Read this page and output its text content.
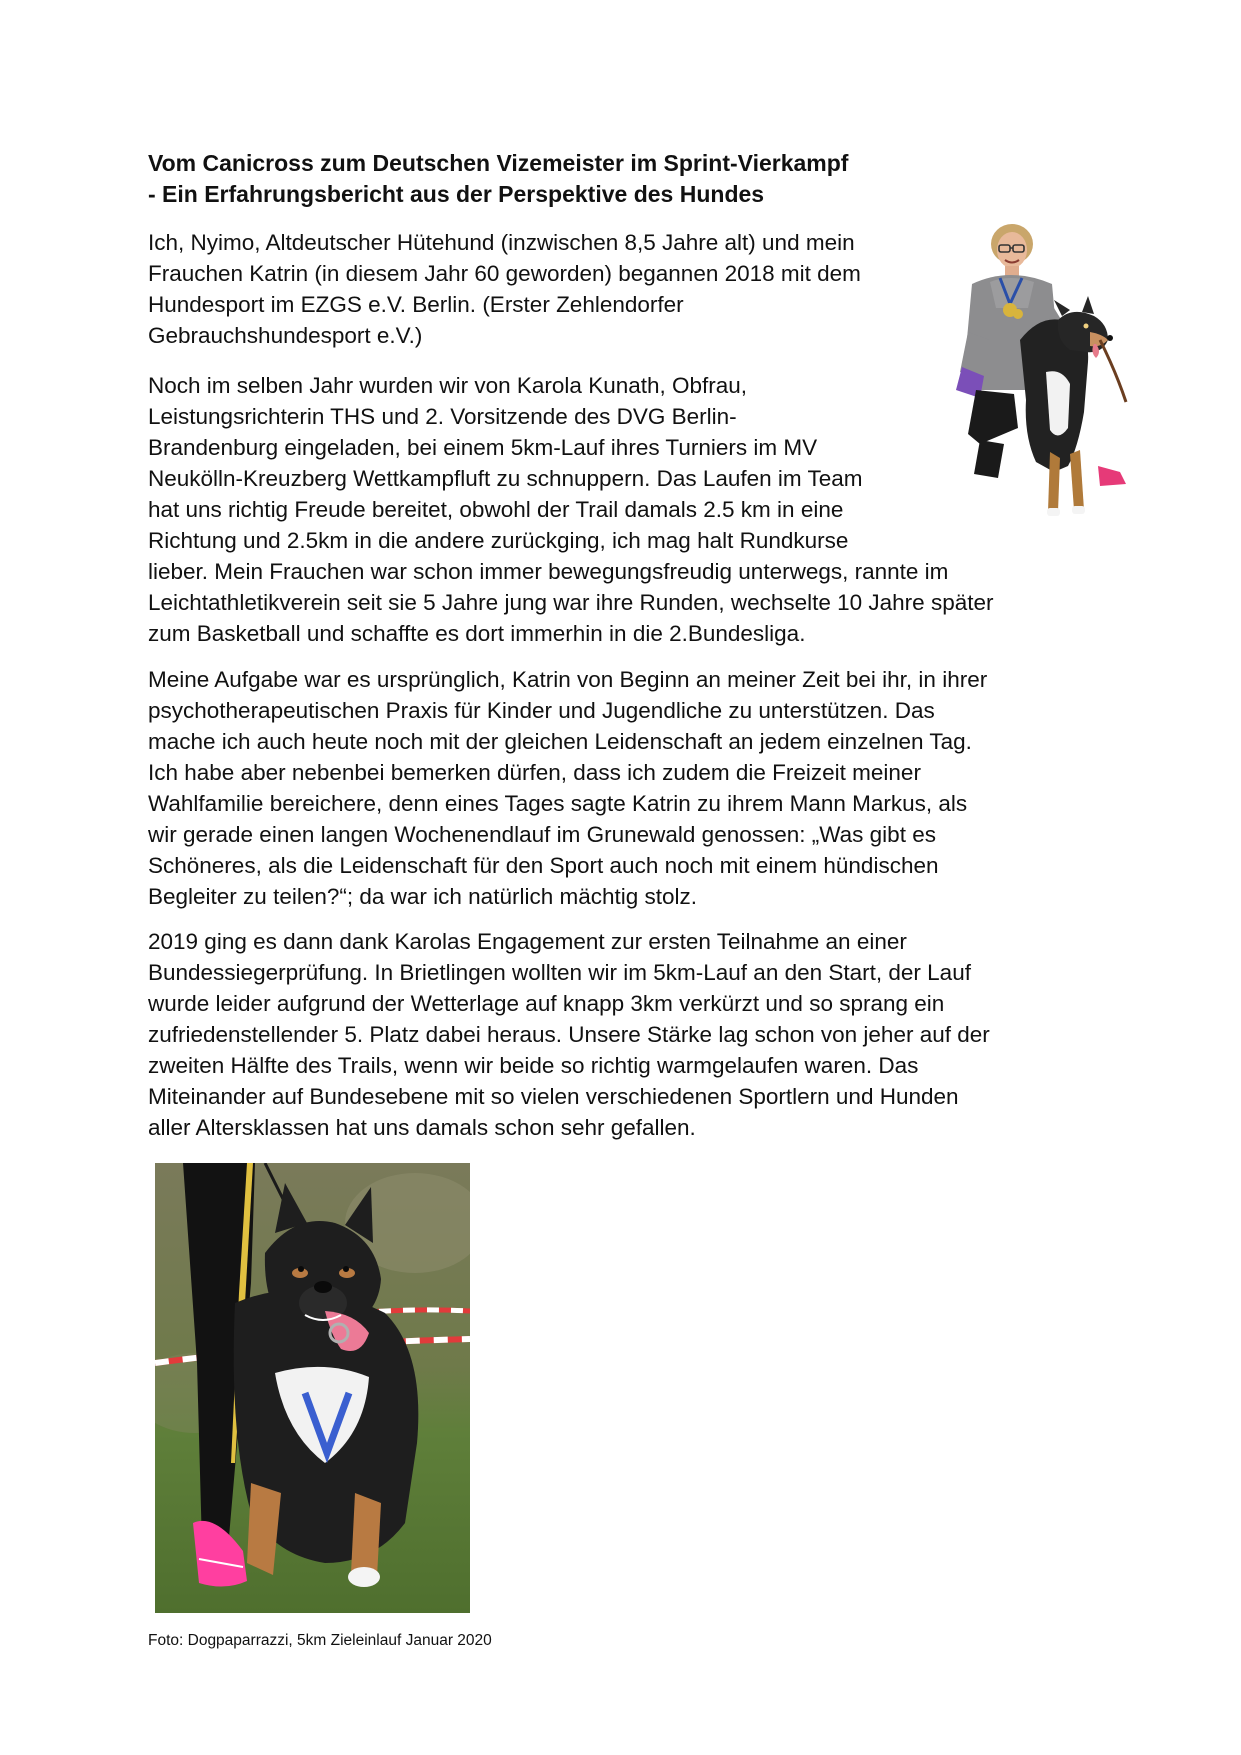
Vom Canicross zum Deutschen Vizemeister im Sprint-Vierkampf
- Ein Erfahrungsbericht aus der Perspektive des Hundes
Ich, Nyimo, Altdeutscher Hütehund (inzwischen 8,5 Jahre alt) und mein
Frauchen Katrin (in diesem Jahr 60 geworden) begannen 2018 mit dem
Hundesport im EZGS e.V. Berlin. (Erster Zehlendorfer
Gebrauchshundesport e.V.)
Noch im selben Jahr wurden wir von Karola Kunath, Obfrau,
Leistungsrichterin THS und 2. Vorsitzende des DVG Berlin-
Brandenburg eingeladen, bei einem 5km-Lauf ihres Turniers im MV
Neukölln-Kreuzberg Wettkampfluft zu schnuppern. Das Laufen im Team
hat uns richtig Freude bereitet, obwohl der Trail damals 2.5 km in eine
Richtung und 2.5km in die andere zurückging, ich mag halt Rundkurse
lieber. Mein Frauchen war schon immer bewegungsfreudig unterwegs, rannte im
Leichtathletikverein seit sie 5 Jahre jung war ihre Runden, wechselte 10 Jahre später
zum Basketball und schaffte es dort immerhin in die 2.Bundesliga.
Meine Aufgabe war es ursprünglich, Katrin von Beginn an meiner Zeit bei ihr, in ihrer
psychotherapeutischen Praxis für Kinder und Jugendliche zu unterstützen. Das
mache ich auch heute noch mit der gleichen Leidenschaft an jedem einzelnen Tag.
Ich habe aber nebenbei bemerken dürfen, dass ich zudem die Freizeit meiner
Wahlfamilie bereichere, denn eines Tages sagte Katrin zu ihrem Mann Markus, als
wir gerade einen langen Wochenendlauf im Grunewald genossen: „Was gibt es
Schöneres, als die Leidenschaft für den Sport auch noch mit einem hündischen
Begleiter zu teilen?“; da war ich natürlich mächtig stolz.
2019 ging es dann dank Karolas Engagement zur ersten Teilnahme an einer
Bundessiegerprüfung. In Brietlingen wollten wir im 5km-Lauf an den Start, der Lauf
wurde leider aufgrund der Wetterlage auf knapp 3km verkürzt und so sprang ein
zufriedenstellender 5. Platz dabei heraus. Unsere Stärke lag schon von jeher auf der
zweiten Hälfte des Trails, wenn wir beide so richtig warmgelaufen waren. Das
Miteinander auf Bundesebene mit so vielen verschiedenen Sportlern und Hunden
aller Altersklassen hat uns damals schon sehr gefallen.

Foto: Dogpaparrazzi, 5km Zieleinlauf Januar 2020
